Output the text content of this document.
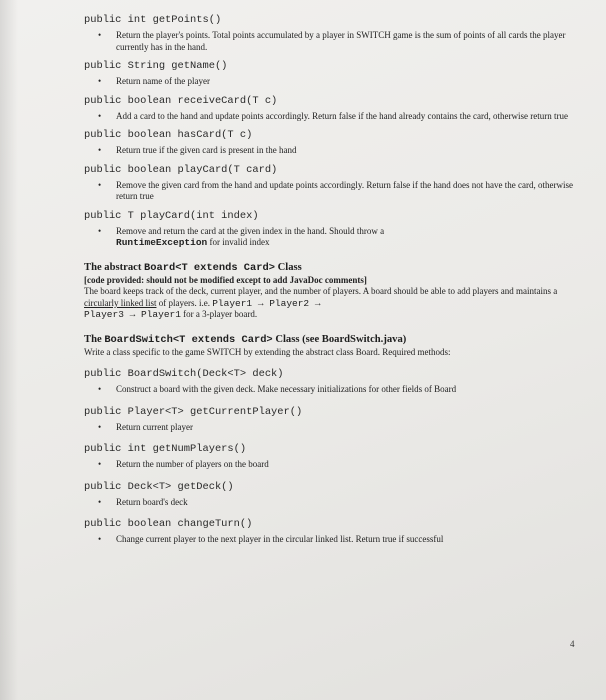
public int getPoints()
• Return the player's points. Total points accumulated by a player in SWITCH game is the sum of points of all cards the player currently has in the hand.
public String getName()
• Return name of the player
public boolean receiveCard(T c)
• Add a card to the hand and update points accordingly. Return false if the hand already contains the card, otherwise return true
public boolean hasCard(T c)
• Return true if the given card is present in the hand
public boolean playCard(T card)
• Remove the given card from the hand and update points accordingly. Return false if the hand does not have the card, otherwise return true
public T playCard(int index)
• Remove and return the card at the given index in the hand. Should throw a
RuntimeException for invalid index
The abstract Board<T extends Card> Class
[code provided: should not be modified except to add JavaDoc comments]
The board keeps track of the deck, current player, and the number of players. A board should be able to add players and maintains a circularly linked list of players. i.e. Player1 → Player2 →
Player3 → Player1 for a 3-player board.
The BoardSwitch<T extends Card> Class (see BoardSwitch.java)
Write a class specific to the game SWITCH by extending the abstract class Board. Required methods:
public BoardSwitch(Deck<T> deck)
• Construct a board with the given deck. Make necessary initializations for other fields of Board
public Player<T> getCurrentPlayer()
• Return current player
public int getNumPlayers()
• Return the number of players on the board
public Deck<T> getDeck()
• Return board's deck
public boolean changeTurn()
• Change current player to the next player in the circular linked list. Return true if successful
4
